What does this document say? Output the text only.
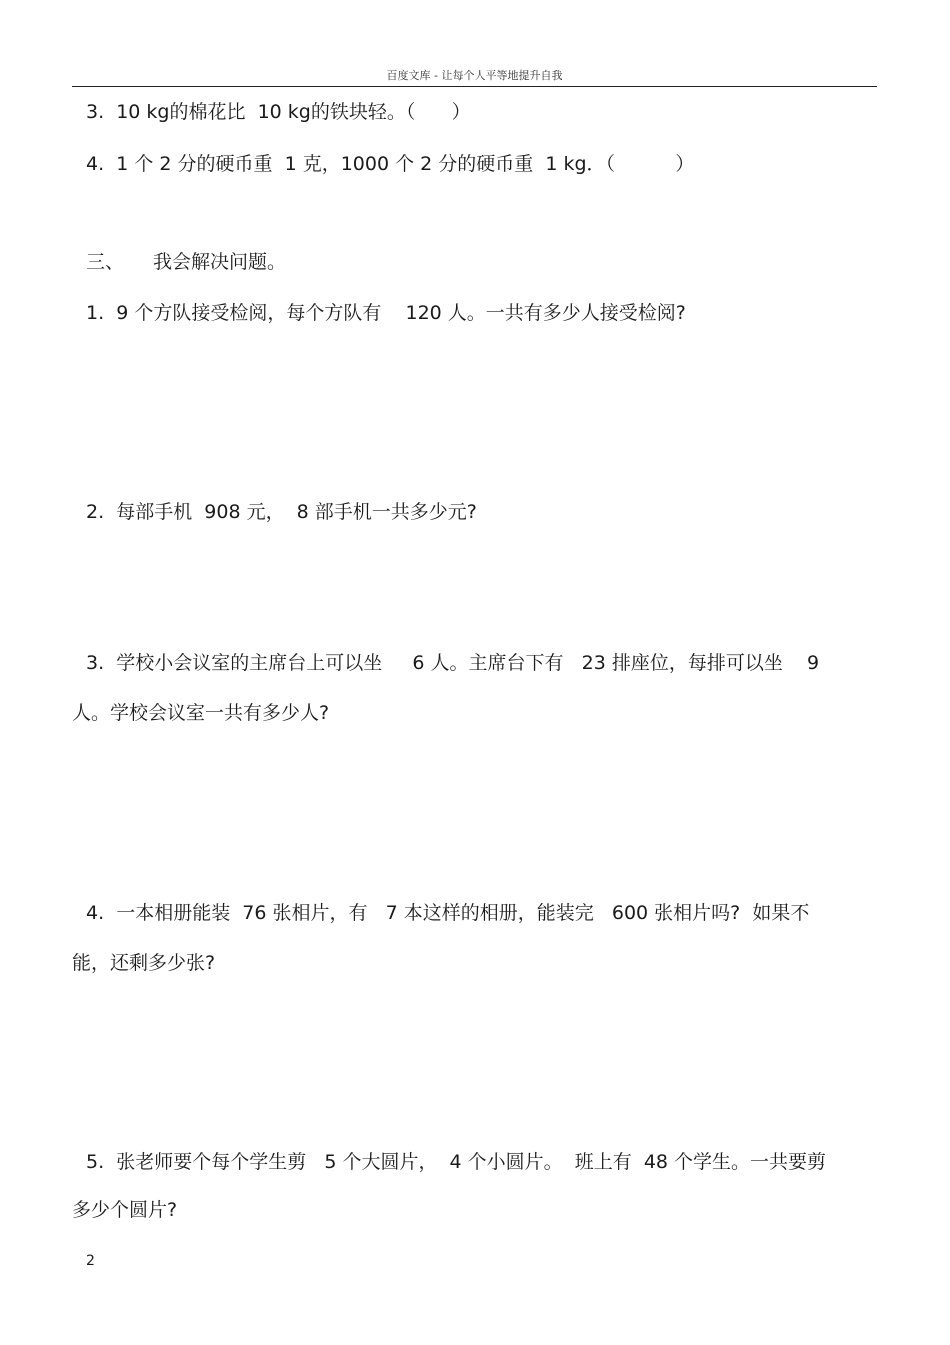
百度文库 - 让每个人平等地提升自我
3.  10 kg的棉花比  10 kg的铁块轻。（      ）
4.  1 个 2 分的硬币重  1 克，1000 个 2 分的硬币重  1 kg．（          ）
三、 我会解决问题。
1.  9 个方队接受检阅，每个方队有    120 人。一共有多少人接受检阅?
2.  每部手机  908 元，  8 部手机一共多少元?
3.  学校小会议室的主席台上可以坐     6 人。主席台下有   23 排座位，每排可以坐    9
人。学校会议室一共有多少人?
4.  一本相册能装  76 张相片，有   7 本这样的相册，能装完   600 张相片吗?  如果不
能，还剩多少张?
5.  张老师要个每个学生剪   5 个大圆片，  4 个小圆片。  班上有  48 个学生。一共要剪
多少个圆片?
2
